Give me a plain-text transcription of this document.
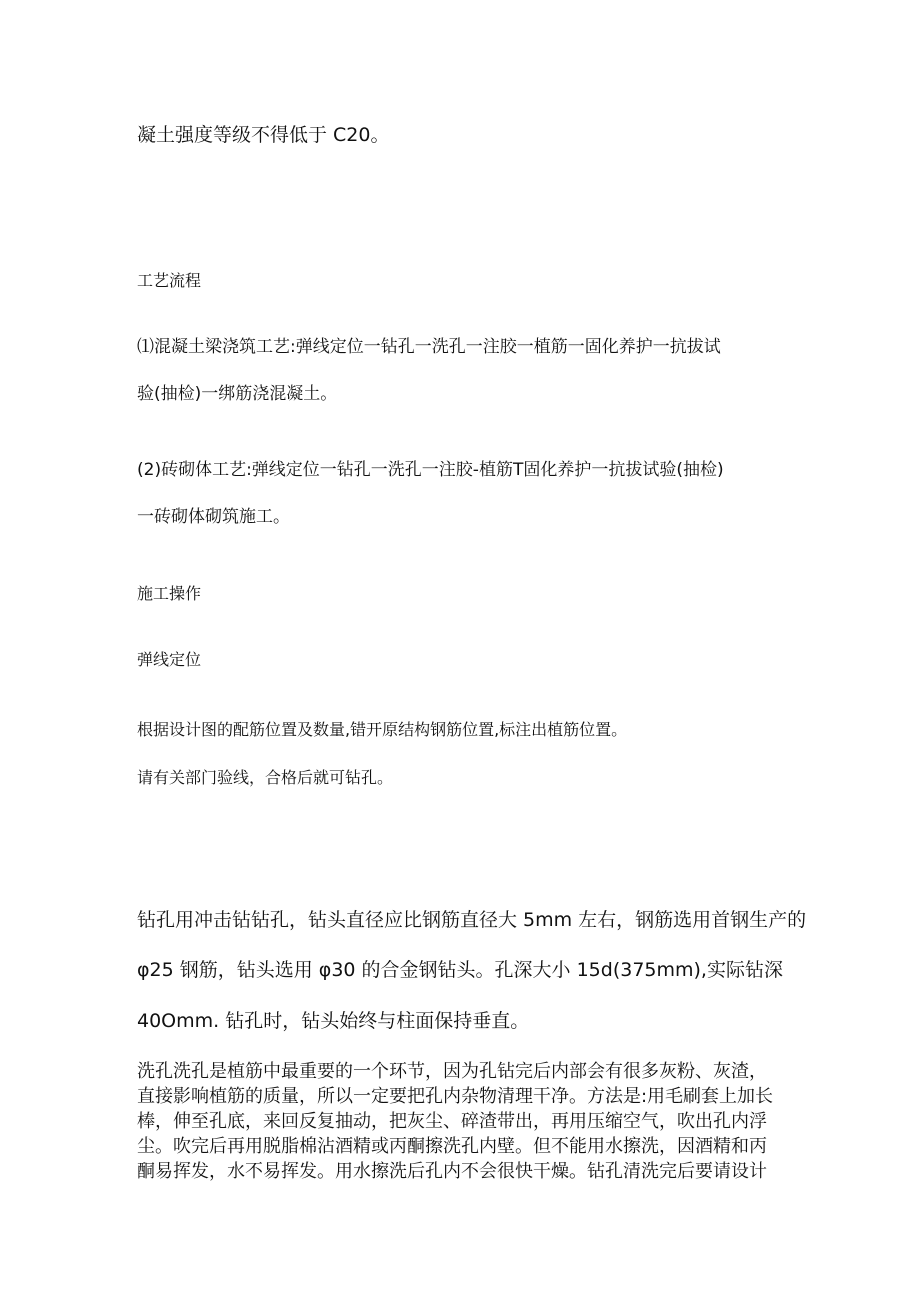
凝土强度等级不得低于 C20。
工艺流程
⑴混凝土梁浇筑工艺:弹线定位一钻孔一洗孔一注胶一植筋一固化养护一抗拔试
验(抽检)一绑筋浇混凝土。
(2)砖砌体工艺:弹线定位一钻孔一洗孔一注胶-植筋T固化养护一抗拔试验(抽检)
一砖砌体砌筑施工。
施工操作
弹线定位
根据设计图的配筋位置及数量,错开原结构钢筋位置,标注出植筋位置。
请有关部门验线，合格后就可钻孔。
钻孔用冲击钻钻孔，钻头直径应比钢筋直径大 5mm 左右，钢筋选用首钢生产的
φ25 钢筋，钻头选用 φ30 的合金钢钻头。孔深大小 15d(375mm),实际钻深
40Omm. 钻孔时，钻头始终与柱面保持垂直。
洗孔洗孔是植筋中最重要的一个环节，因为孔钻完后内部会有很多灰粉、灰渣，
直接影响植筋的质量，所以一定要把孔内杂物清理干净。方法是:用毛刷套上加长
棒，伸至孔底，来回反复抽动，把灰尘、碎渣带出，再用压缩空气，吹出孔内浮
尘。吹完后再用脱脂棉沾酒精或丙酮擦洗孔内壁。但不能用水擦洗，因酒精和丙
酮易挥发，水不易挥发。用水擦洗后孔内不会很快干燥。钻孔清洗完后要请设计
